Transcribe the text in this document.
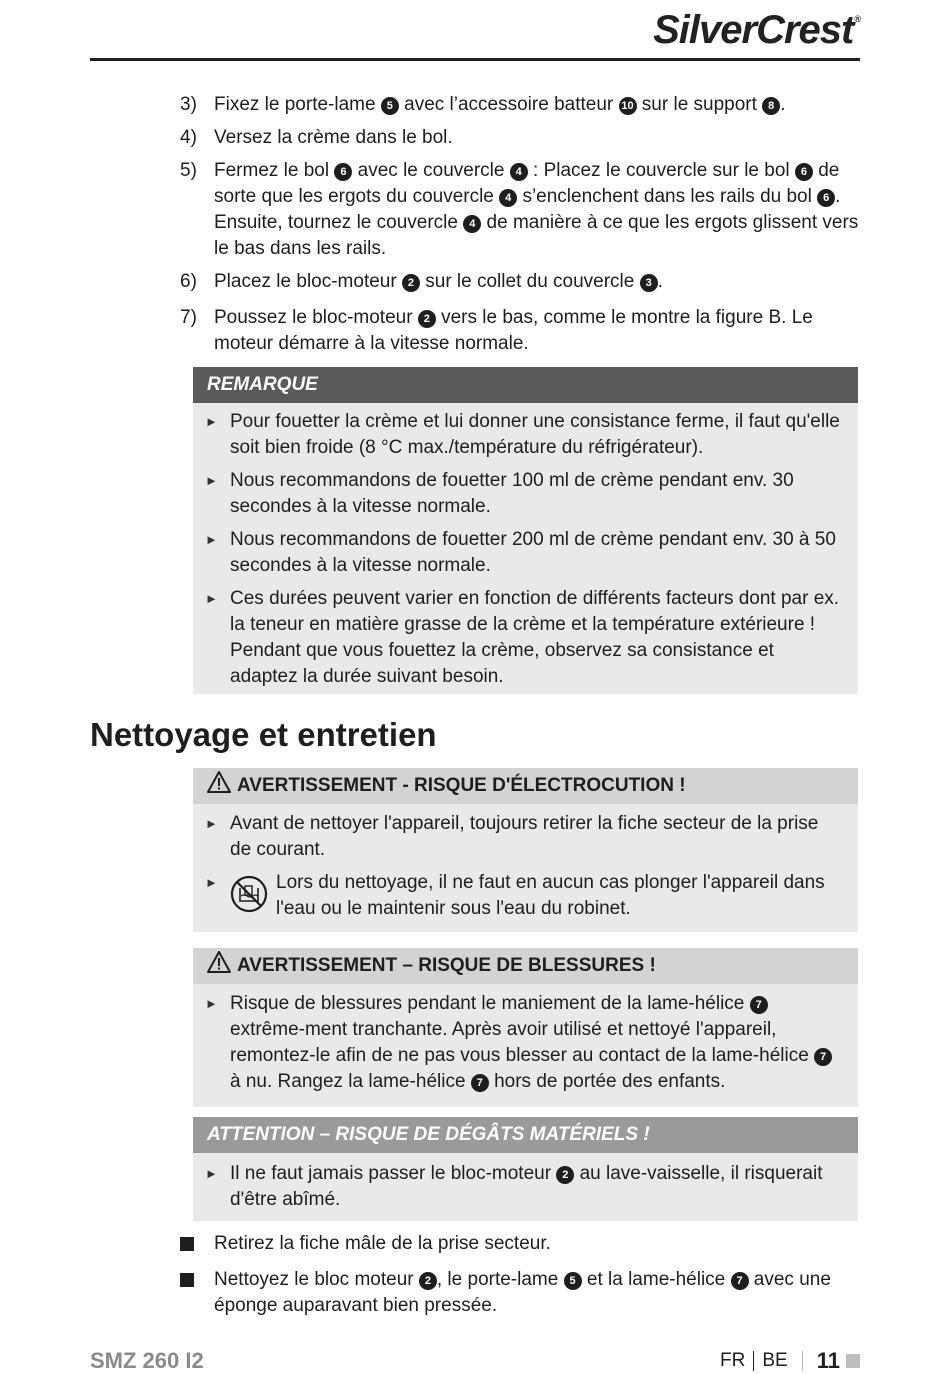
SilverCrest®
3) Fixez le porte-lame 5 avec l’accessoire batteur 10 sur le support 8 .
4) Versez la crème dans le bol.
5) Fermez le bol 6 avec le couvercle 4 : Placez le couvercle sur le bol 6 de sorte que les ergots du couvercle 4 s’enclenchent dans les rails du bol 6 . Ensuite, tournez le couvercle 4 de manière à ce que les ergots glissent vers le bas dans les rails.
6) Placez le bloc-moteur 2 sur le collet du couvercle 3 .
7) Poussez le bloc-moteur 2 vers le bas, comme le montre la figure B. Le moteur démarre à la vitesse normale.
REMARQUE
► Pour fouetter la crème et lui donner une consistance ferme, il faut qu'elle soit bien froide (8 °C max./température du réfrigérateur).
► Nous recommandons de fouetter 100 ml de crème pendant env. 30 secondes à la vitesse normale.
► Nous recommandons de fouetter 200 ml de crème pendant env. 30 à 50 secondes à la vitesse normale.
► Ces durées peuvent varier en fonction de différents facteurs dont par ex. la teneur en matière grasse de la crème et la température extérieure ! Pendant que vous fouettez la crème, observez sa consistance et adaptez la durée suivant besoin.
Nettoyage et entretien
AVERTISSEMENT - RISQUE D'ÉLECTROCUTION !
► Avant de nettoyer l'appareil, toujours retirer la fiche secteur de la prise de courant.
►	Lors du nettoyage, il ne faut en aucun cas plonger l'appareil dans l'eau ou le maintenir sous l'eau du robinet.
AVERTISSEMENT – RISQUE DE BLESSURES !
► Risque de blessures pendant le maniement de la lame-hélice 7 extrême-ment tranchante. Après avoir utilisé et nettoyé l'appareil, remontez-le afin de ne pas vous blesser au contact de la lame-hélice 7 à nu. Rangez la lame-hélice 7 hors de portée des enfants.
ATTENTION – RISQUE DE DÉGÂTS MATÉRIELS !
► Il ne faut jamais passer le bloc-moteur 2 au lave-vaisselle, il risquerait d'être abîmé.
Retirez la fiche mâle de la prise secteur.
Nettoyez le bloc moteur 2 , le porte-lame 5 et la lame-hélice 7 avec une éponge auparavant bien pressée.
SMZ 260 I2	FR BE 11
